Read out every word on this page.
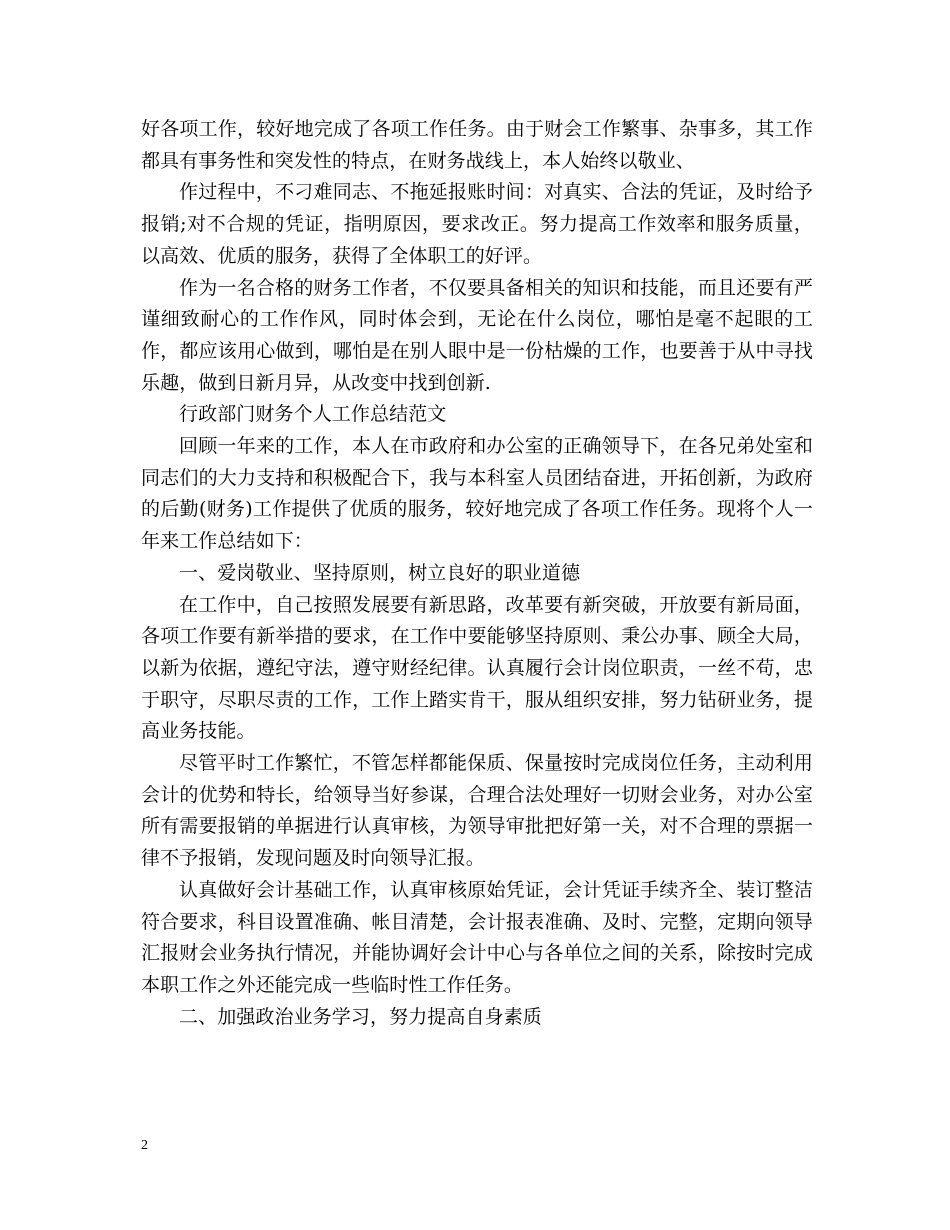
好各项工作，较好地完成了各项工作任务。由于财会工作繁事、杂事多，其工作都具有事务性和突发性的特点，在财务战线上，本人始终以敬业、

作过程中，不刁难同志、不拖延报账时间：对真实、合法的凭证，及时给予报销;对不合规的凭证，指明原因，要求改正。努力提高工作效率和服务质量，以高效、优质的服务，获得了全体职工的好评。

作为一名合格的财务工作者，不仅要具备相关的知识和技能，而且还要有严谨细致耐心的工作作风，同时体会到，无论在什么岗位，哪怕是毫不起眼的工作，都应该用心做到，哪怕是在别人眼中是一份枯燥的工作，也要善于从中寻找乐趣，做到日新月异，从改变中找到创新.

行政部门财务个人工作总结范文

回顾一年来的工作，本人在市政府和办公室的正确领导下，在各兄弟处室和同志们的大力支持和积极配合下，我与本科室人员团结奋进，开拓创新，为政府的后勤(财务)工作提供了优质的服务，较好地完成了各项工作任务。现将个人一年来工作总结如下：

一、爱岗敬业、坚持原则，树立良好的职业道德

在工作中，自己按照发展要有新思路，改革要有新突破，开放要有新局面，各项工作要有新举措的要求，在工作中要能够坚持原则、秉公办事、顾全大局，以新为依据，遵纪守法，遵守财经纪律。认真履行会计岗位职责，一丝不苟，忠于职守，尽职尽责的工作，工作上踏实肯干，服从组织安排，努力钻研业务，提高业务技能。

尽管平时工作繁忙，不管怎样都能保质、保量按时完成岗位任务，主动利用会计的优势和特长，给领导当好参谋，合理合法处理好一切财会业务，对办公室所有需要报销的单据进行认真审核，为领导审批把好第一关，对不合理的票据一律不予报销，发现问题及时向领导汇报。

认真做好会计基础工作，认真审核原始凭证，会计凭证手续齐全、装订整洁符合要求，科目设置准确、帐目清楚，会计报表准确、及时、完整，定期向领导汇报财会业务执行情况，并能协调好会计中心与各单位之间的关系，除按时完成本职工作之外还能完成一些临时性工作任务。

二、加强政治业务学习，努力提高自身素质

2
